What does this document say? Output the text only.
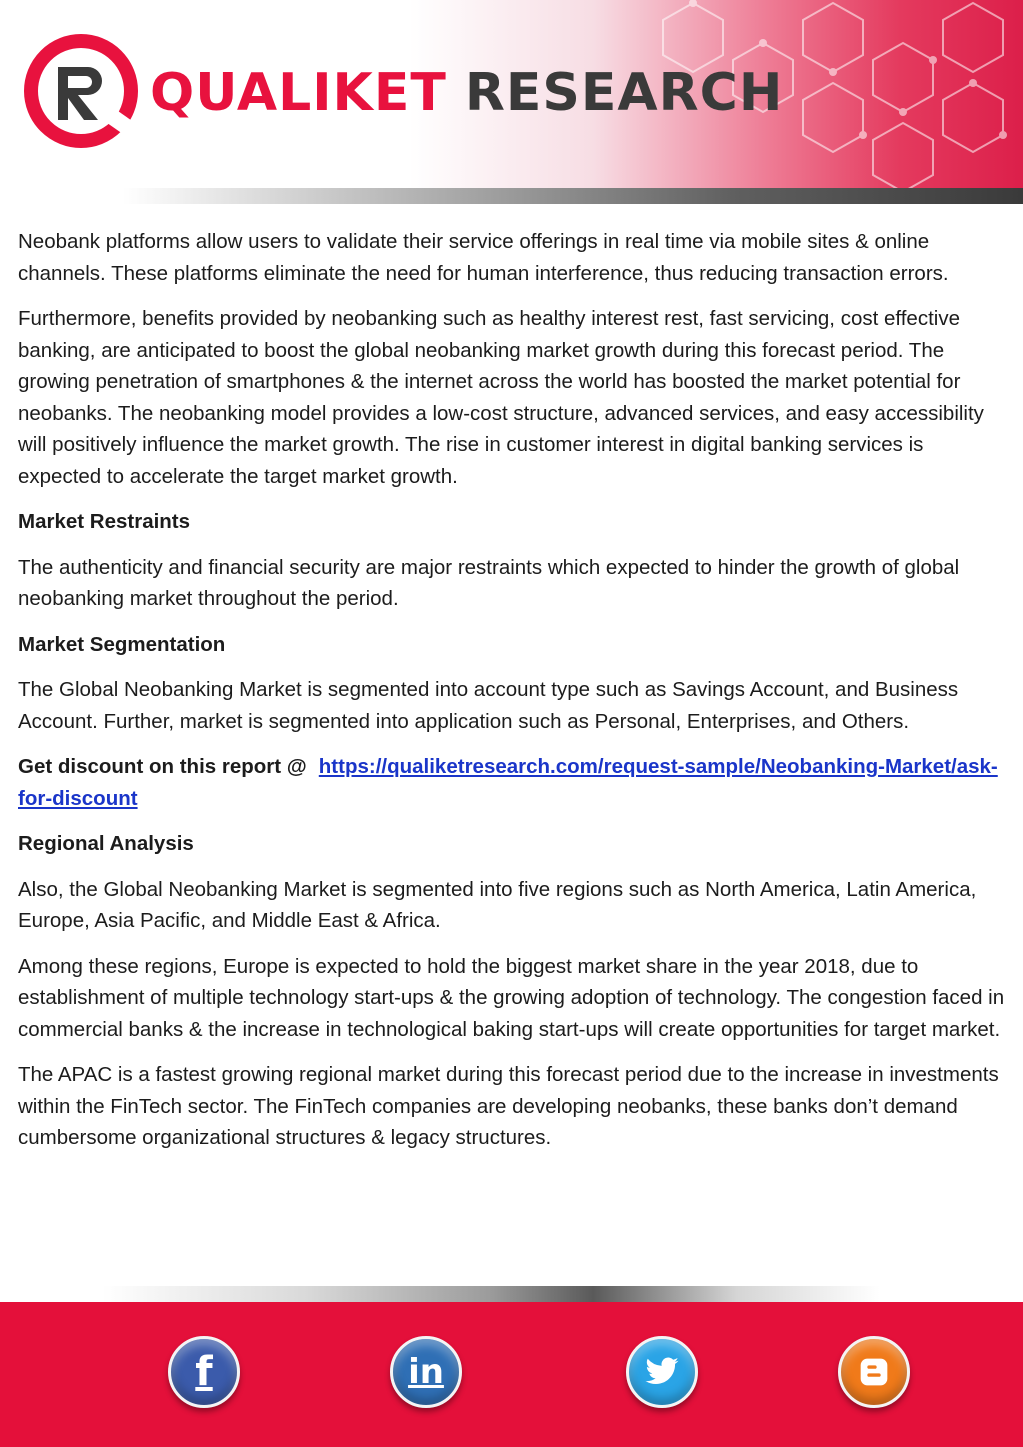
QUALIKET RESEARCH

Neobank platforms allow users to validate their service offerings in real time via mobile sites & online channels. These platforms eliminate the need for human interference, thus reducing transaction errors.

Furthermore, benefits provided by neobanking such as healthy interest rest, fast servicing, cost effective banking, are anticipated to boost the global neobanking market growth during this forecast period. The growing penetration of smartphones & the internet across the world has boosted the market potential for neobanks. The neobanking model provides a low-cost structure, advanced services, and easy accessibility will positively influence the market growth. The rise in customer interest in digital banking services is expected to accelerate the target market growth.

Market Restraints

The authenticity and financial security are major restraints which expected to hinder the growth of global neobanking market throughout the period.

Market Segmentation

The Global Neobanking Market is segmented into account type such as Savings Account, and Business Account. Further, market is segmented into application such as Personal, Enterprises, and Others.

Get discount on this report @ https://qualiketresearch.com/request-sample/Neobanking-Market/ask-for-discount

Regional Analysis

Also, the Global Neobanking Market is segmented into five regions such as North America, Latin America, Europe, Asia Pacific, and Middle East & Africa.

Among these regions, Europe is expected to hold the biggest market share in the year 2018, due to establishment of multiple technology start-ups & the growing adoption of technology. The congestion faced in commercial banks & the increase in technological baking start-ups will create opportunities for target market.

The APAC is a fastest growing regional market during this forecast period due to the increase in investments within the FinTech sector. The FinTech companies are developing neobanks, these banks don’t demand cumbersome organizational structures & legacy structures.

f	in
